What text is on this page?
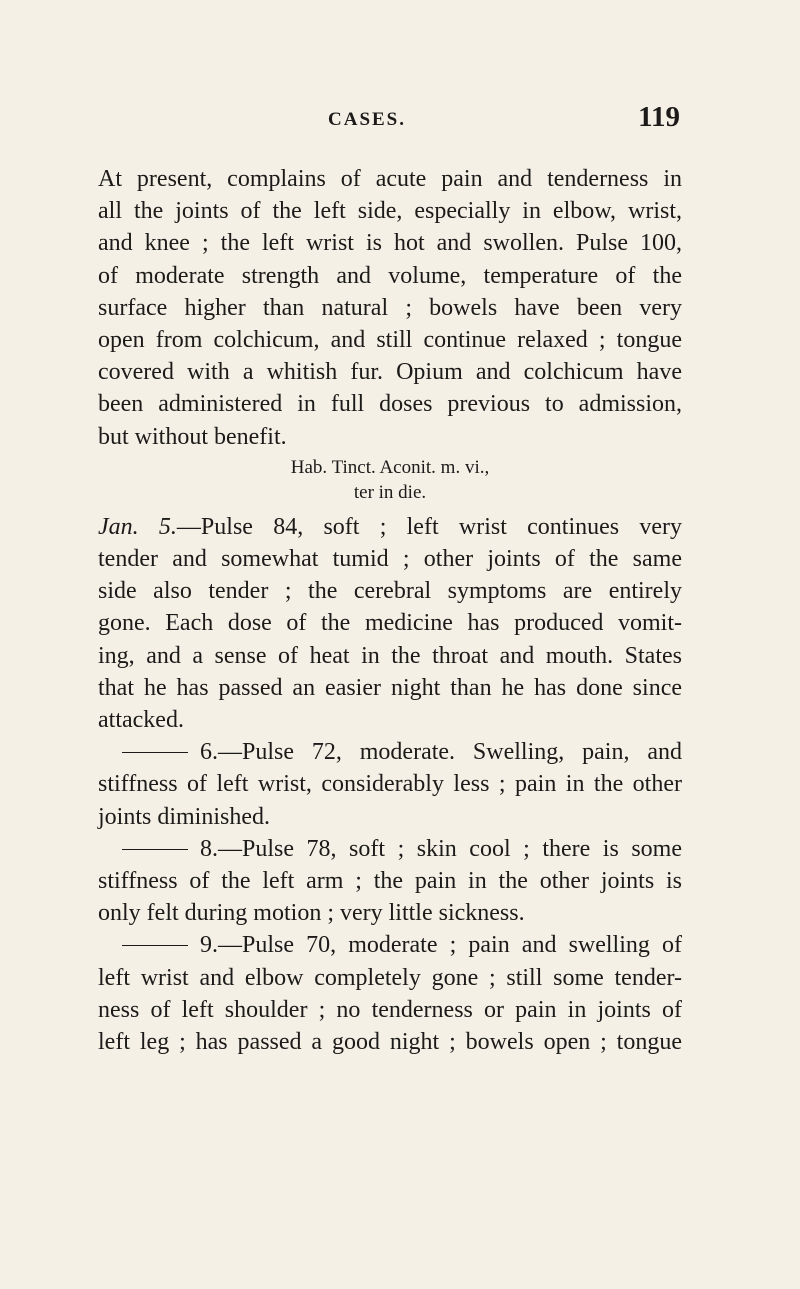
CASES.	119

At present, complains of acute pain and tenderness in
all the joints of the left side, especially in elbow, wrist,
and knee ; the left wrist is hot and swollen. Pulse 100,
of moderate strength and volume, temperature of the
surface higher than natural ; bowels have been very
open from colchicum, and still continue relaxed ; tongue
covered with a whitish fur. Opium and colchicum have
been administered in full doses previous to admission,
but without benefit.

Hab. Tinct. Aconit. m. vi.,
ter in die.

Jan. 5.—Pulse 84, soft ; left wrist continues very
tender and somewhat tumid ; other joints of the same
side also tender ; the cerebral symptoms are entirely
gone. Each dose of the medicine has produced vomit-
ing, and a sense of heat in the throat and mouth. States
that he has passed an easier night than he has done since
attacked.

6.—Pulse 72, moderate. Swelling, pain, and
stiffness of left wrist, considerably less ; pain in the other
joints diminished.

8.—Pulse 78, soft ; skin cool ; there is some
stiffness of the left arm ; the pain in the other joints is
only felt during motion ; very little sickness.

9.—Pulse 70, moderate ; pain and swelling of
left wrist and elbow completely gone ; still some tender-
ness of left shoulder ; no tenderness or pain in joints of
left leg ; has passed a good night ; bowels open ; tongue
